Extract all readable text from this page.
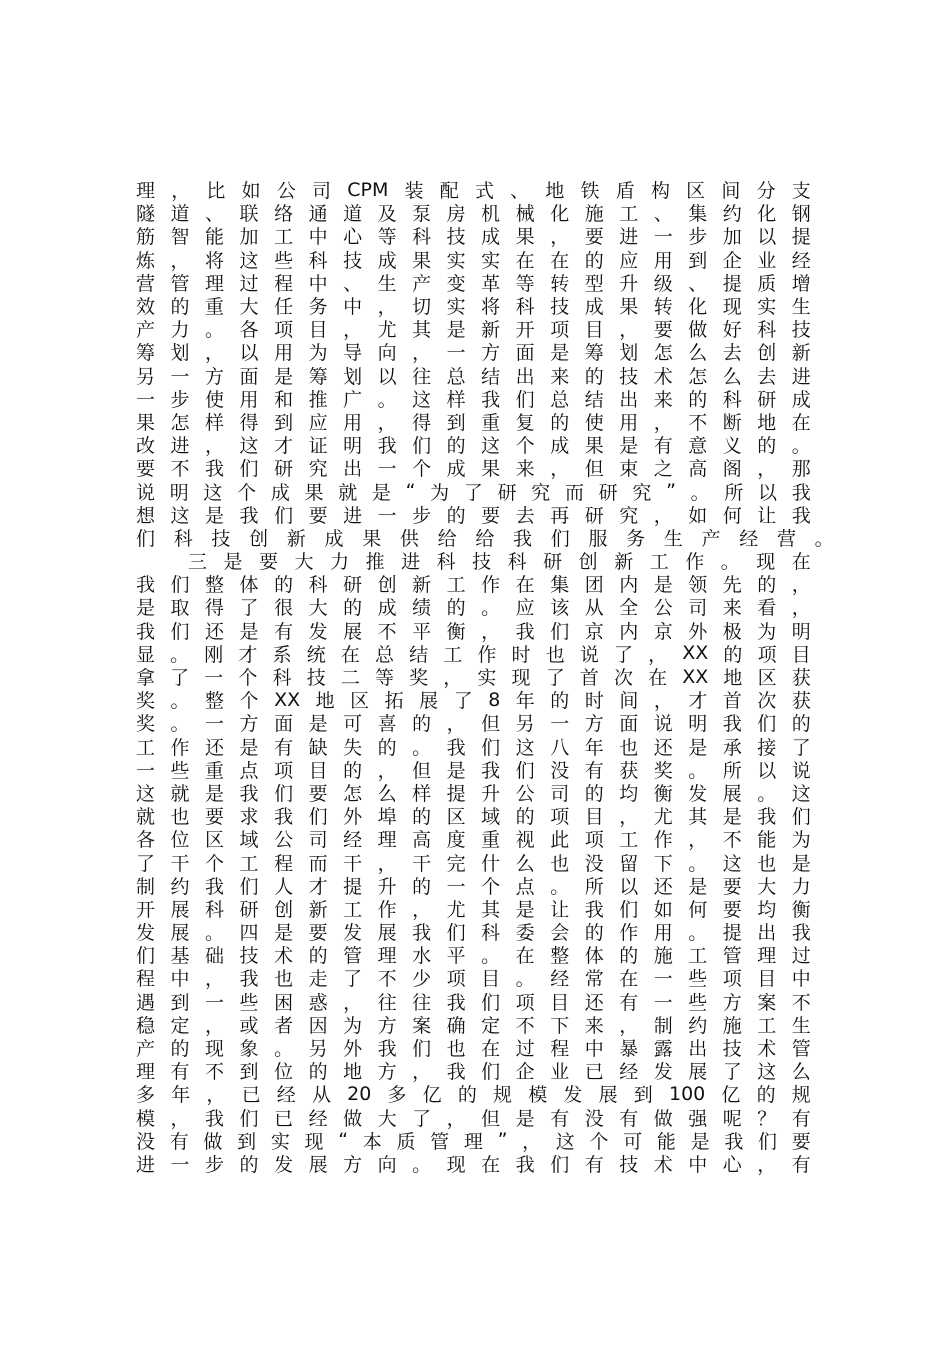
理 ， 比 如 公 司 CPM 装 配 式 、 地 铁 盾 构 区 间 分 支
隧 道 、 联 络 通 道 及 泵 房 机 械 化 施 工 、 集 约 化 钢
筋 智 能 加 工 中 心 等 科 技 成 果 ， 要 进 一 步 加 以 提
炼 ， 将 这 些 科 技 成 果 实 实 在 在 的 应 用 到 企 业 经
营 管 理 过 程 中 、 生 产 变 革 等 转 型 升 级 、 提 质 增
效 的 重 大 任 务 中 ， 切 实 将 科 技 成 果 转 化 现 实 生
产 力 。 各 项 目 ， 尤 其 是 新 开 项 目 ， 要 做 好 科 技
筹 划 ， 以 用 为 导 向 ， 一 方 面 是 筹 划 怎 么 去 创 新
另 一 方 面 是 筹 划 以 往 总 结 出 来 的 技 术 怎 么 去 进
一 步 使 用 和 推 广 。 这 样 我 们 总 结 出 来 的 科 研 成
果 怎 样 得 到 应 用 ， 得 到 重 复 的 使 用 ， 不 断 地 在
改 进 ， 这 才 证 明 我 们 的 这 个 成 果 是 有 意 义 的 。
要 不 我 们 研 究 出 一 个 成 果 来 ， 但 束 之 高 阁 ， 那
说 明 这 个 成 果 就 是 “ 为 了 研 究 而 研 究 ” 。 所 以 我
想 这 是 我 们 要 进 一 步 的 要 去 再 研 究 ， 如 何 让 我
们 科 技 创 新 成 果 供 给 给 我 们 服 务 生 产 经 营 。
三 是 要 大 力 推 进 科 技 科 研 创 新 工 作 。 现 在
我 们 整 体 的 科 研 创 新 工 作 在 集 团 内 是 领 先 的 ，
是 取 得 了 很 大 的 成 绩 的 。 应 该 从 全 公 司 来 看 ，
我 们 还 是 有 发 展 不 平 衡 ， 我 们 京 内 京 外 极 为 明
显 。 刚 才 系 统 在 总 结 工 作 时 也 说 了 ， XX 的 项 目
拿 了 一 个 科 技 二 等 奖 ， 实 现 了 首 次 在 XX 地 区 获
奖 。 整 个 XX 地 区 拓 展 了 8 年 的 时 间 ， 才 首 次 获
奖 。 一 方 面 是 可 喜 的 ， 但 另 一 方 面 说 明 我 们 的
工 作 还 是 有 缺 失 的 。 我 们 这 八 年 也 还 是 承 接 了
一 些 重 点 项 目 的 ， 但 是 我 们 没 有 获 奖 。 所 以 说
这 就 是 我 们 要 怎 么 样 提 升 公 司 的 均 衡 发 展 。 这
就 也 要 求 我 们 外 埠 的 区 域 的 项 目 ， 尤 其 是 我 们
各 位 区 域 公 司 经 理 高 度 重 视 此 项 工 作 ， 不 能 为
了 干 个 工 程 而 干 ， 干 完 什 么 也 没 留 下 。 这 也 是
制 约 我 们 人 才 提 升 的 一 个 点 。 所 以 还 是 要 大 力
开 展 科 研 创 新 工 作 ， 尤 其 是 让 我 们 如 何 要 均 衡
发 展 。 四 是 要 发 展 我 们 科 委 会 的 作 用 。 提 出 我
们 基 础 技 术 的 管 理 水 平 。 在 整 体 的 施 工 管 理 过
程 中 ， 我 也 走 了 不 少 项 目 。 经 常 在 一 些 项 目 中
遇 到 一 些 困 惑 ， 往 往 我 们 项 目 还 有 一 些 方 案 不
稳 定 ， 或 者 因 为 方 案 确 定 不 下 来 ， 制 约 施 工 生
产 的 现 象 。 另 外 我 们 也 在 过 程 中 暴 露 出 技 术 管
理 有 不 到 位 的 地 方 ， 我 们 企 业 已 经 发 展 了 这 么
多 年 ， 已 经 从 20 多 亿 的 规 模 发 展 到 100 亿 的 规
模 ， 我 们 已 经 做 大 了 ， 但 是 有 没 有 做 强 呢 ？ 有
没 有 做 到 实 现 “ 本 质 管 理 ” ， 这 个 可 能 是 我 们 要
进 一 步 的 发 展 方 向 。 现 在 我 们 有 技 术 中 心 ， 有
